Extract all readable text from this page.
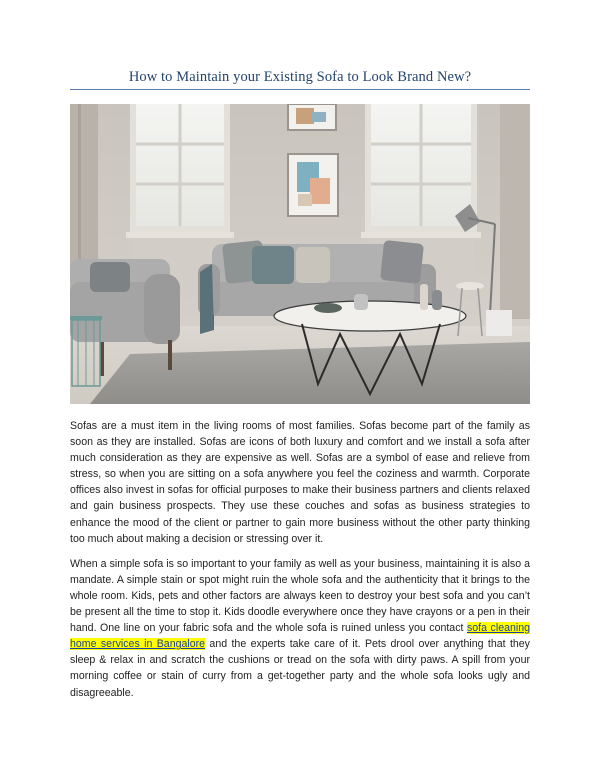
How to Maintain your Existing Sofa to Look Brand New?

Sofas are a must item in the living rooms of most families. Sofas become part of the family as soon as they are installed. Sofas are icons of both luxury and comfort and we install a sofa after much consideration as they are expensive as well. Sofas are a symbol of ease and relieve from stress, so when you are sitting on a sofa anywhere you feel the coziness and warmth. Corporate offices also invest in sofas for official purposes to make their business partners and clients relaxed and gain business prospects. They use these couches and sofas as business strategies to enhance the mood of the client or partner to gain more business without the other party thinking too much about making a decision or stressing over it.

When a simple sofa is so important to your family as well as your business, maintaining it is also a mandate. A simple stain or spot might ruin the whole sofa and the authenticity that it brings to the whole room. Kids, pets and other factors are always keen to destroy your best sofa and you can’t be present all the time to stop it. Kids doodle everywhere once they have crayons or a pen in their hand. One line on your fabric sofa and the whole sofa is ruined unless you contact sofa cleaning home services in Bangalore and the experts take care of it. Pets drool over anything that they sleep & relax in and scratch the cushions or tread on the sofa with dirty paws. A spill from your morning coffee or stain of curry from a get-together party and the whole sofa looks ugly and disagreeable.
